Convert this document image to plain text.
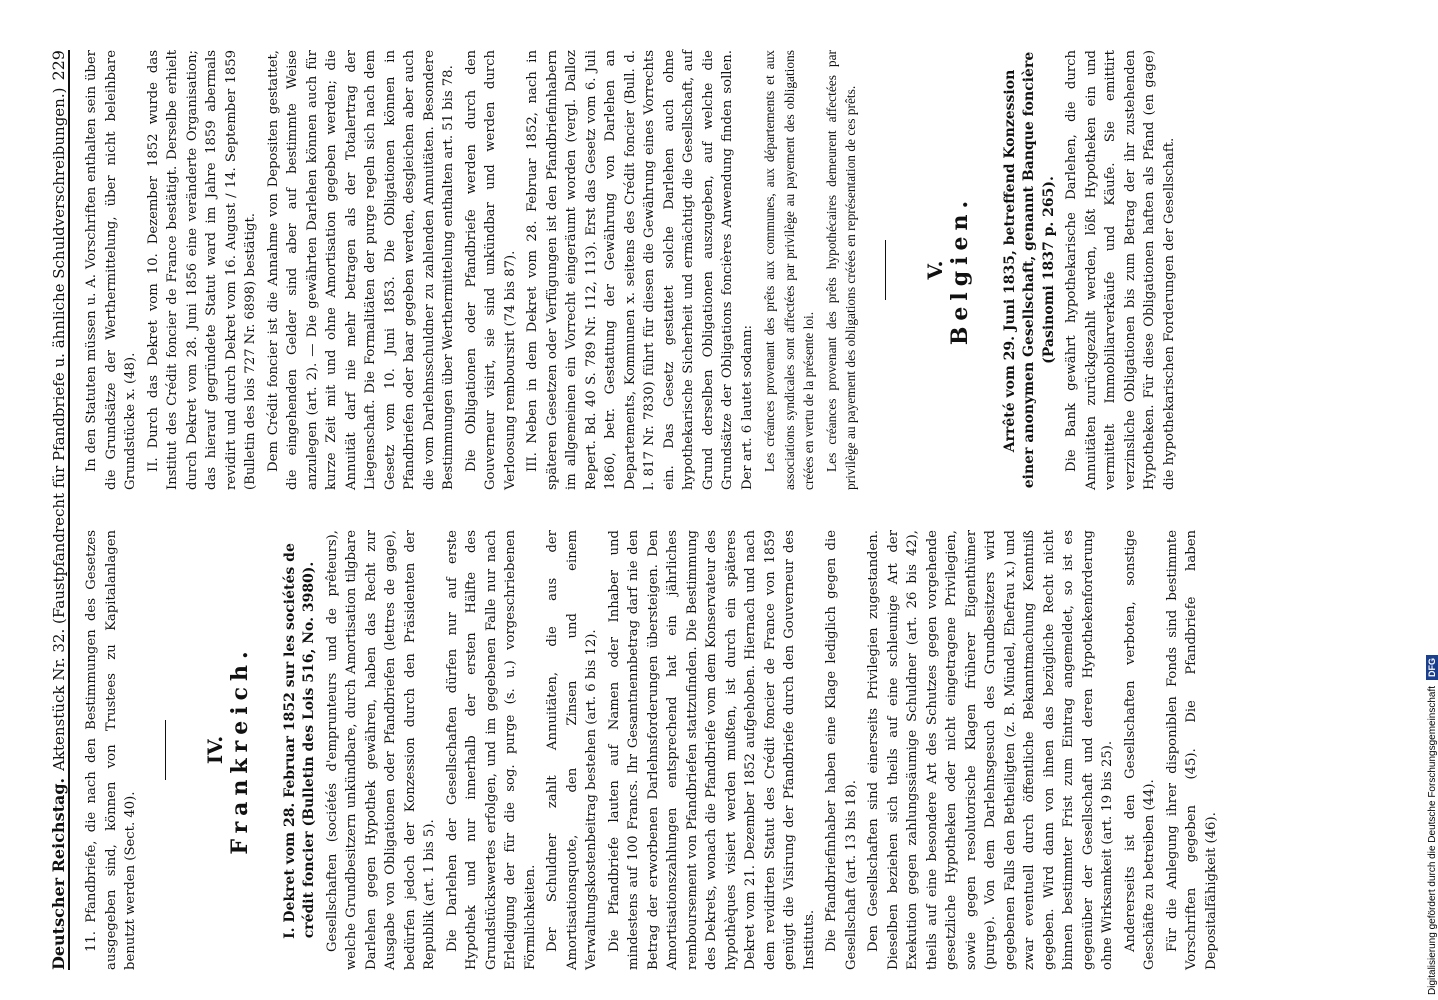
Deutscher Reichstag.
Aktenstück Nr. 32. (Faustpfandrecht für Pfandbriefe u. ähnliche Schuldverschreibungen.)
229

11. Pfandbriefe, die nach den Bestimmungen des Gesetzes ausgegeben sind, können von Trustees zu Kapitalanlagen benutzt werden (Sect. 40).

IV. Frankreich. I. Dekret vom 28. Februar 1852 sur les sociétés de crédit foncier (Bulletin des Lois 516, No. 3980). Gesellschaften (sociétés d'emprunteurs und de prêteurs), welche Grundbesitzern unkündbare, durch Amortisation tilgbare Darlehen gegen Hypothek gewähren, haben das Recht zur Ausgabe von Obligationen oder Pfandbriefen (lettres de gage), bedürfen jedoch der Konzession durch den Präsidenten der Republik (art. 1 bis 5). Die Darlehen der Gesellschaften dürfen nur auf erste Hypothek und nur innerhalb der ersten Hälfte des Grundstückswertes erfolgen, und im gegebenen Falle nur nach Erledigung der für die sog. purge (s. u.) vorgeschriebenen Förmlichkeiten. Der Schuldner zahlt Annuitäten, die aus der Amortisationsquote, den Zinsen und einem Verwaltungskostenbeitrag bestehen (art. 6 bis 12). Die Pfandbriefe lauten auf Namen oder Inhaber und mindestens auf 100 Francs. Ihr Gesamtnennbetrag darf nie den Betrag der erworbenen Darlehnsforderungen übersteigen. Den Amortisationszahlungen entsprechend hat ein jährliches remboursement von Pfandbriefen stattzufinden. Die Bestimmung des Dekrets, wonach die Pfandbriefe vom dem Konservateur des hypothèques visiert werden mußten, ist durch ein späteres Dekret vom 21. Dezember 1852 aufgehoben. Hiernach und nach dem revidirten Statut des Crédit foncier de France von 1859 genügt die Visirung der Pfandbriefe durch den Gouverneur des Instituts. Die Pfandbriefinhaber haben eine Klage lediglich gegen die Gesellschaft (art. 13 bis 18). Den Gesellschaften sind einerseits Privilegien zugestanden. Dieselben beziehen sich theils auf eine schleunige Art der Exekution gegen zahlungssäumige Schuldner (art. 26 bis 42), theils auf eine besondere Art des Schutzes gegen vorgehende gesetzliche Hypotheken oder nicht eingetragene Privilegien, sowie gegen resolutorische Klagen früherer Eigenthümer (purge). Von dem Darlehnsgesuch des Grundbesitzers wird gegebenen Falls den Betheiligten (z. B. Mündel, Ehefrau x.) und zwar eventuell durch öffentliche Bekanntmachung Kenntniß gegeben. Wird dann von ihnen das bezügliche Recht nicht binnen bestimmter Frist zum Eintrag angemeldet, so ist es gegenüber der Gesellschaft und deren Hypothekenforderung ohne Wirksamkeit (art. 19 bis 25). Andererseits ist den Gesellschaften verboten, sonstige Geschäfte zu betreiben (44). Für die Anlegung ihrer disponiblen Fonds sind bestimmte Vorschriften gegeben (45). Die Pfandbriefe haben Depositalfähigkeit (46).

In den Statuten müssen u. A. Vorschriften enthalten sein über die Grundsätze der Werthermittelung, über nicht beleihbare Grundstücke x. (48). II. Durch das Dekret vom 10. Dezember 1852 wurde das Institut des Crédit foncier de France bestätigt. Derselbe erhielt durch Dekret vom 28. Juni 1856 eine veränderte Organisation; das hierauf gegründete Statut ward im Jahre 1859 abermals revidirt und durch Dekret vom 16. August / 14. September 1859 (Bulletin des lois 727 Nr. 6898) bestätigt. Dem Crédit foncier ist die Annahme von Depositen gestattet, die eingehenden Gelder sind aber auf bestimmte Weise anzulegen (art. 2). — Die gewährten Darlehen können auch für kurze Zeit mit und ohne Amortisation gegeben werden; die Annuität darf nie mehr betragen als der Totalertrag der Liegenschaft. Die Formalitäten der purge regeln sich nach dem Gesetz vom 10. Juni 1853. Die Obligationen können in Pfandbriefen oder baar gegeben werden, desgleichen aber auch die vom Darlehnsschuldner zu zahlenden Annuitäten. Besondere Bestimmungen über Werthermittelung enthalten art. 51 bis 78. Die Obligationen oder Pfandbriefe werden durch den Gouverneur visirt, sie sind unkündbar und werden durch Verloosung remboursirt (74 bis 87). III. Neben in dem Dekret vom 28. Februar 1852, nach in späteren Gesetzen oder Verfügungen ist den Pfandbriefinhabern im allgemeinen ein Vorrecht eingeräumt worden (vergl. Dalloz Repert. Bd. 40 S. 789 Nr. 112, 113). Erst das Gesetz vom 6. Juli 1860, betr. Gestattung der Gewährung von Darlehen an Departements, Kommunen x. seitens des Crédit foncier (Bull. d. l. 817 Nr. 7830) führt für diesen die Gewährung eines Vorrechts ein. Das Gesetz gestattet solche Darlehen auch ohne hypothekarische Sicherheit und ermächtigt die Gesellschaft, auf Grund derselben Obligationen auszugeben, auf welche die Grundsätze der Obligations foncières Anwendung finden sollen. Der art. 6 lautet sodann: Les créances provenant des prêts aux communes, aux départements et aux associations syndicales sont affectées par privilège au payement des obligations créées en vertu de la présente loi. Les créances provenant des prêts hypothécaires demeurent affectées par privilège au payement des obligations créées en représentation de ces prêts.	V. Belgien. Arrêté vom 29. Juni 1835, betreffend Konzession einer anonymen Gesellschaft, genannt Banque foncière (Pasinomi 1837 p. 265). Die Bank gewährt hypothekarische Darlehen, die durch Annuitäten zurückgezahlt werden, lößt Hypotheken ein und vermittelt Immobiliarverkäufe und Käufe. Sie emittirt verzinsliche Obligationen bis zum Betrag der ihr zustehenden Hypotheken. Für diese Obligationen haften als Pfand (en gage) die hypothekarischen Forderungen der Gesellschaft.

Digitalisierung gefördert durch die Deutsche ForschungsgemeinschaftDFG
